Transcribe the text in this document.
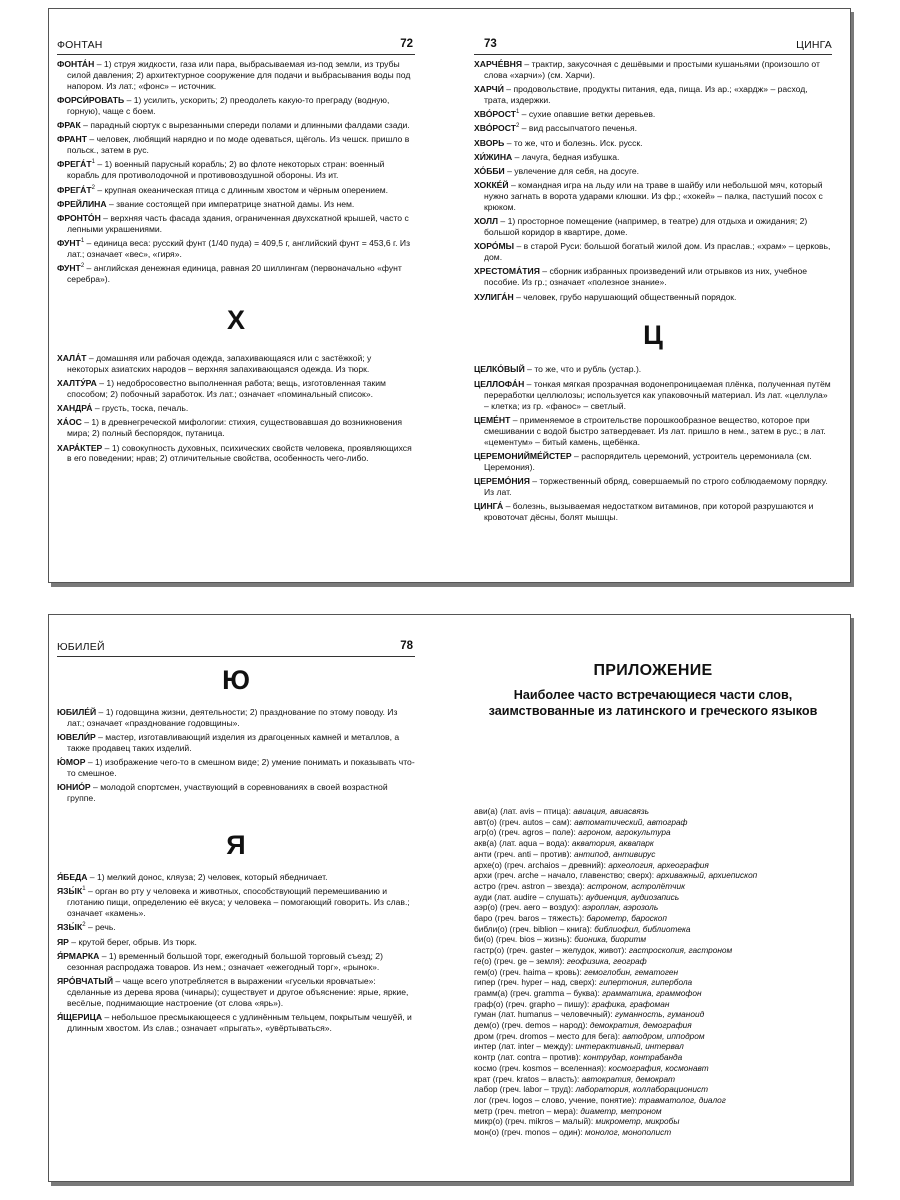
ФОНТАН	72
ФОНТА́Н – 1) струя жидкости, газа или пара, выбрасываемая из-под земли, из трубы силой давления; 2) архитектурное сооружение для подачи и выбрасывания воды под напором. Из лат.; «фонс» – источник.
ФОРСИ́РОВАТЬ – 1) усилить, ускорить; 2) преодолеть какую-то преграду (водную, горную), чаще с боем.
ФРАК – парадный сюртук с вырезанными спереди полами и длинными фалдами сзади.
ФРАНТ – человек, любящий нарядно и по моде одеваться, щёголь. Из чешск. пришло в польск., затем в рус.
$ФРЕГА́Т^1 - 1$) военный парусный корабль; 2) во флоте некоторых стран: военный корабль для противолодочной и противовоздушной обороны. Из ит.
$ФРЕГА́Т^2$ – крупная океаническая птица с длинным хвостом и чёрным оперением.
ФРЕЙЛИНА – звание состоящей при императрице знатной дамы. Из нем.
ФРОНТО́Н – верхняя часть фасада здания, ограниченная двухскатной крышей, часто с лепными украшениями.
ФУНТ$^1$ – единица веса: русский фунт (1/40 пуда) = 409,5 г, английский фунт = 453,6 г. Из лат.; означает «вес», «гиря».
ФУНТ$^2$ – английская денежная единица, равная 20 шиллингам (первоначально «фунт серебра»).
Х
ХАЛА́Т – домашняя или рабочая одежда, запахивающаяся или с застёжкой; у некоторых азиатских народов – верхняя запахивающаяся одежда. Из тюрк.
ХАЛТУ́РА – 1) недобросовестно выполненная работа; вещь, изготовленная таким способом; 2) побочный заработок. Из лат.; означает «поминальный список».
ХАНДРА́ – грусть, тоска, печаль.
ХА́ОС – 1) в древнегреческой мифологии: стихия, существовавшая до возникновения мира; 2) полный беспорядок, путаница.
ХАРА́КТЕР – 1) совокупность духовных, психических свойств человека, проявляющихся в его поведении; нрав; 2) отличительные свойства, особенность чего-либо.
73	ЦИНГА
ХАРЧЕ́ВНЯ – трактир, закусочная с дешёвыми и простыми кушаньями (произошло от слова «харчи») (см. Харчи).
ХАРЧИ́ – продовольствие, продукты питания, еда, пища. Из ар.; «хардж» – расход, трата, издержки.
ХВО́РОСТ$^1$ – сухие опавшие ветки деревьев.
ХВО́РОСТ$^2$ – вид рассыпчатого печенья.
ХВОРЬ – то же, что и болезнь. Иск. русск.
ХИ́ЖИНА – лачуга, бедная избушка.
ХО́ББИ – увлечение для себя, на досуге.
ХОККЕ́Й – командная игра на льду или на траве в шайбу или небольшой мяч, который нужно загнать в ворота ударами клюшки. Из фр.; «хокей» – палка, пастуший посох с крюком.
ХОЛЛ – 1) просторное помещение (например, в театре) для отдыха и ожидания; 2) большой коридор в квартире, доме.
ХОРО́МЫ – в старой Руси: большой богатый жилой дом. Из праслав.; «храм» – церковь, дом.
ХРЕСТОМА́ТИЯ – сборник избранных произведений или отрывков из них, учебное пособие. Из гр.; означает «полезное знание».
ХУЛИГА́Н – человек, грубо нарушающий общественный порядок.
Ц
ЦЕЛКО́ВЫЙ – то же, что и рубль (устар.).
ЦЕЛЛОФА́Н – тонкая мягкая прозрачная водонепроницаемая плёнка, полученная путём переработки целлюлозы; используется как упаковочный материал. Из лат. «целлула» – клетка; из гр. «фанос» – светлый.
ЦЕМЕ́НТ – применяемое в строительстве порошкообразное вещество, которое при смешивании с водой быстро затвердевает. Из лат. пришло в нем., затем в рус.; в лат. «цементум» – битый камень, щебёнка.
ЦЕРЕМОНИЙМЕ́ЙСТЕР – распорядитель церемоний, устроитель церемониала (см. Церемония).
ЦЕРЕМО́НИЯ – торжественный обряд, совершаемый по строго соблюдаемому порядку. Из лат.
ЦИНГА́ – болезнь, вызываемая недостатком витаминов, при которой разрушаются и кровоточат дёсны, болят мышцы.
ЮБИЛЕЙ	78
Ю
ЮБИЛЕ́Й – 1) годовщина жизни, деятельности; 2) празднование по этому поводу. Из лат.; означает «празднование годовщины».
ЮВЕЛИ́Р – мастер, изготавливающий изделия из драгоценных камней и металлов, а также продавец таких изделий.
Ю́МОР – 1) изображение чего-то в смешном виде; 2) умение понимать и показывать что-то смешное.
ЮНИО́Р – молодой спортсмен, участвующий в соревнованиях в своей возрастной группе.
Я
Я́БЕДА – 1) мелкий донос, кляуза; 2) человек, который ябедничает.
$ЯЗЫ́К^1$ – орган во рту у человека и животных, способствующий перемешиванию и глотанию пищи, определению её вкуса; у человека – помогающий говорить. Из слав.; означает «камень».
$ЯЗЫ́К^2$ – речь.
ЯР – крутой берег, обрыв. Из тюрк.
Я́РМАРКА – 1) временный большой торг, ежегодный большой торговый съезд; 2) сезонная распродажа товаров. Из нем.; означает «ежегодный торг», «рынок».
ЯРО́ВЧАТЫЙ – чаще всего употребляется в выражении «гусельки яровчатые»: сделанные из дерева ярова (чинары); существует и другое объяснение: ярые, яркие, весёлые, поднимающие настроение (от слова «ярь»).
Я́ЩЕРИЦА – небольшое пресмыкающееся с удлинённым тельцем, покрытым чешуёй, и длинным хвостом. Из слав.; означает «прыгать», «увёртываться».
ПРИЛОЖЕНИЕ
Наиболее часто встречающиеся части слов, заимствованные из латинского и греческого языков
ави(а) (лат. avis – птица): авиация, авиасвязь
авт(о) (греч. autos – сам): автоматический, автограф
агр(о) (греч. agros – поле): агроном, агрокультура
акв(а) (лат. aqua – вода): акватория, аквапарк
анти (греч. anti – против): антипод, антивирус
архе(о) (греч. archaios – древний): археология, археография
архи (греч. arche – начало, главенство; сверх): архиважный, архиепископ
астро (греч. astron – звезда): астроном, астролётчик
ауди (лат. audire – слушать): аудиенция, аудиозапись
аэр(о) (греч. aero – воздух): аэроплан, аэрозоль
баро (греч. baros – тяжесть): барометр, барoскоп
библи(о) (греч. biblion – книга): библиофил, библиотека
би(о) (греч. bios – жизнь): бионика, биоритм
гастр(о) (греч. gaster – желудок, живот): гастроскопия, гастроном
ге(о) (греч. ge – земля): геофизика, географ
гем(о) (греч. haima – кровь): гемоглобин, гематоген
гипер (греч. hyper – над, сверх): гипертония, гипербола
грамм(а) (греч. gramma – буква): грамматика, граммофон
граф(о) (греч. grapho – пишу): графика, графоман
гуман (лат. humanus – человечный): гуманность, гуманоид
дем(о) (греч. demos – народ): демократия, демография
дром (греч. dromos – место для бега): автодром, ипподром
интер (лат. inter – между): интерактивный, интервал
контр (лат. contra – против): контрудар, контрабанда
космо (греч. kosmos – вселенная): космография, космонавт
крат (греч. kratos – власть): автократия, демократ
лабор (греч. labor – труд): лаборатория, коллаборационист
лог (греч. logos – слово, учение, понятие): травматолог, диалог
метр (греч. metron – мера): диаметр, метроном
микр(о) (греч. mikros – малый): микрометр, микробы
мон(о) (греч. monos – один): монолог, монополист
